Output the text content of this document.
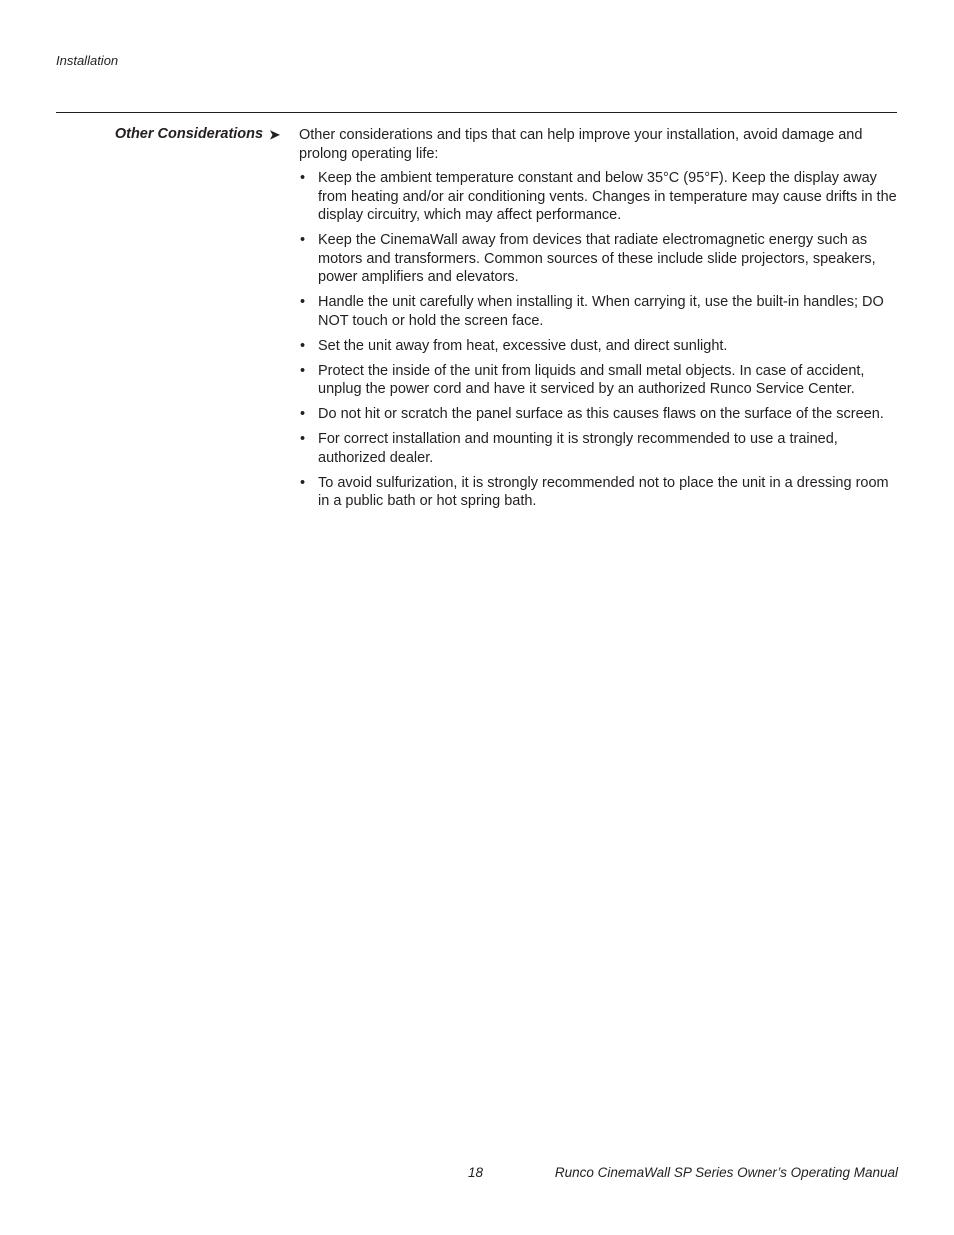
Installation
Other Considerations ➤ Other considerations and tips that can help improve your installation, avoid damage and prolong operating life:

• Keep the ambient temperature constant and below 35°C (95°F). Keep the display away from heating and/or air conditioning vents. Changes in temperature may cause drifts in the display circuitry, which may affect performance.
• Keep the CinemaWall away from devices that radiate electromagnetic energy such as motors and transformers. Common sources of these include slide projectors, speakers, power amplifiers and elevators.
• Handle the unit carefully when installing it. When carrying it, use the built-in handles; DO NOT touch or hold the screen face.
• Set the unit away from heat, excessive dust, and direct sunlight.
• Protect the inside of the unit from liquids and small metal objects. In case of accident, unplug the power cord and have it serviced by an authorized Runco Service Center.
• Do not hit or scratch the panel surface as this causes flaws on the surface of the screen.
• For correct installation and mounting it is strongly recommended to use a trained, authorized dealer.
• To avoid sulfurization, it is strongly recommended not to place the unit in a dressing room in a public bath or hot spring bath.
18	Runco CinemaWall SP Series Owner’s Operating Manual
